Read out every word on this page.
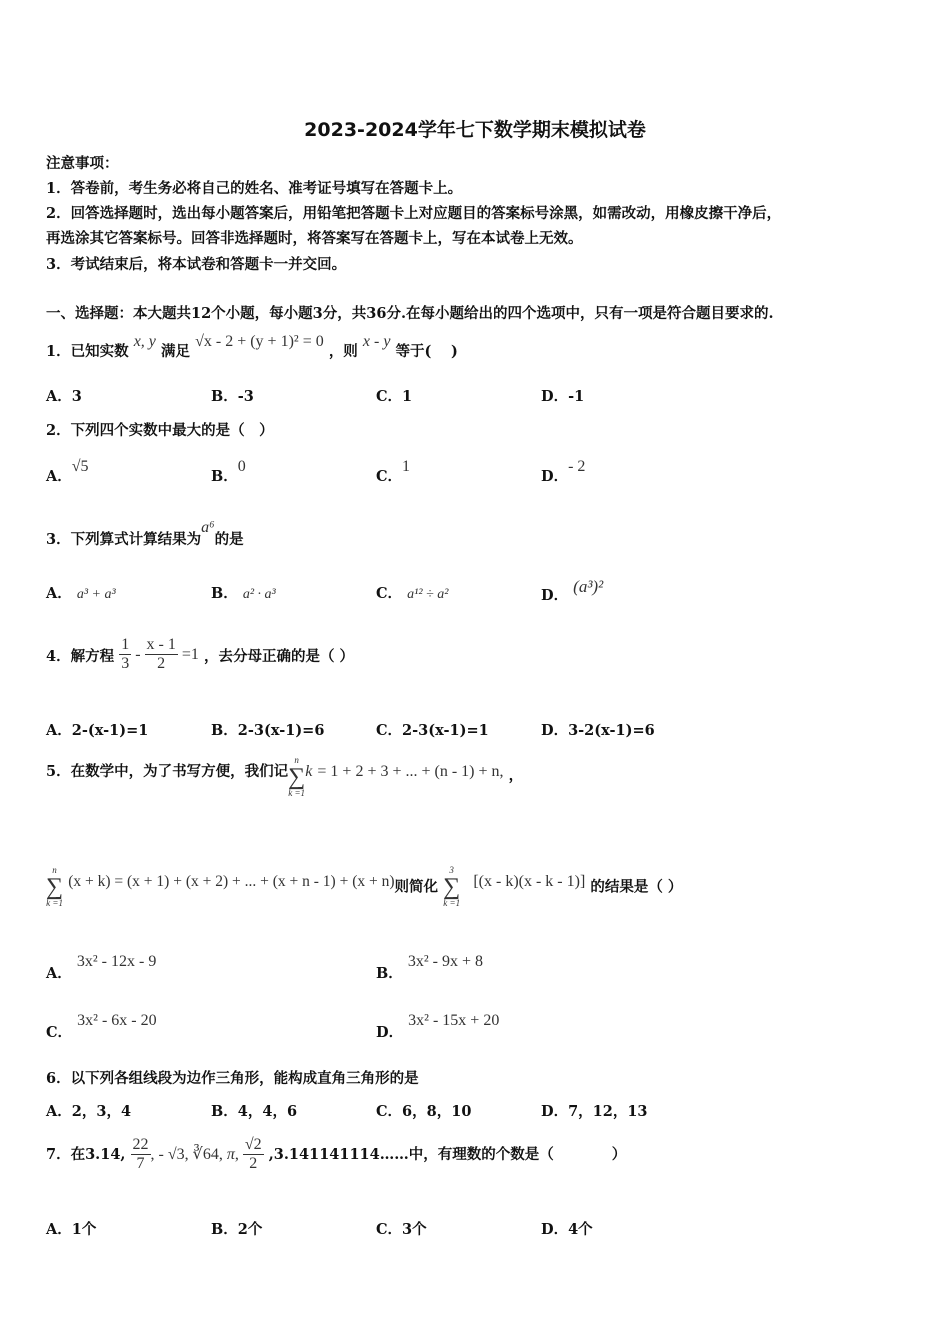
2023-2024学年七下数学期末模拟试卷
注意事项：
1．答卷前，考生务必将自己的姓名、准考证号填写在答题卡上。
2．回答选择题时，选出每小题答案后，用铅笔把答题卡上对应题目的答案标号涂黑，如需改动，用橡皮擦干净后，
再选涂其它答案标号。回答非选择题时，将答案写在答题卡上，写在本试卷上无效。
3．考试结束后，将本试卷和答题卡一并交回。
一、选择题：本大题共12个小题，每小题3分，共36分.在每小题给出的四个选项中，只有一项是符合题目要求的.
1．已知实数 x, y 满足 √x - 2 + (y + 1)² = 0 ，则 x - y 等于(　 )
A．3	B．-3	C．1	D．-1
2．下列四个实数中最大的是（　）
A．√5
B．0
C．1
D．- 2
3．下列算式计算结果为a⁶的是
A． a³ + a³	B． a² · a³	C． a¹² ÷ a²	D． (a³)²
4．解方程 $\frac{1}{3} - \frac{x - 1}{2} =1$ ，去分母正确的是（ ）
A．2-(x-1)=1	B．2-3(x-1)=6	C．2-3(x-1)=1	D．3-2(x-1)=6
5．在数学中，为了书写方便，我们记
n
∑
k =1
k = 1 + 2 + 3 + ... + (n - 1) + n, ，
n
∑
k =1
(x + k) = (x + 1) + (x + 2) + ... + (x + n - 1) + (x + n)则简化
3
∑
k =1
[(x - k)(x - k - 1)] 的结果是（ ）
A． 3x² - 12x - 9
B． 3x² - 9x + 8
C． 3x² - 6x - 20
D． 3x² - 15x + 20
6．以下列各组线段为边作三角形，能构成直角三角形的是
A．2，3，4	B．4，4，6	C．6，8，10	D．7，12，13
7．在3.14, $\frac{22}{7}$ , - √3, ∛64, π, $\frac{√2}{2}$ ,3.141141114……中，有理数的个数是（　　　　）
A．1个	B．2个	C．3个	D．4个
